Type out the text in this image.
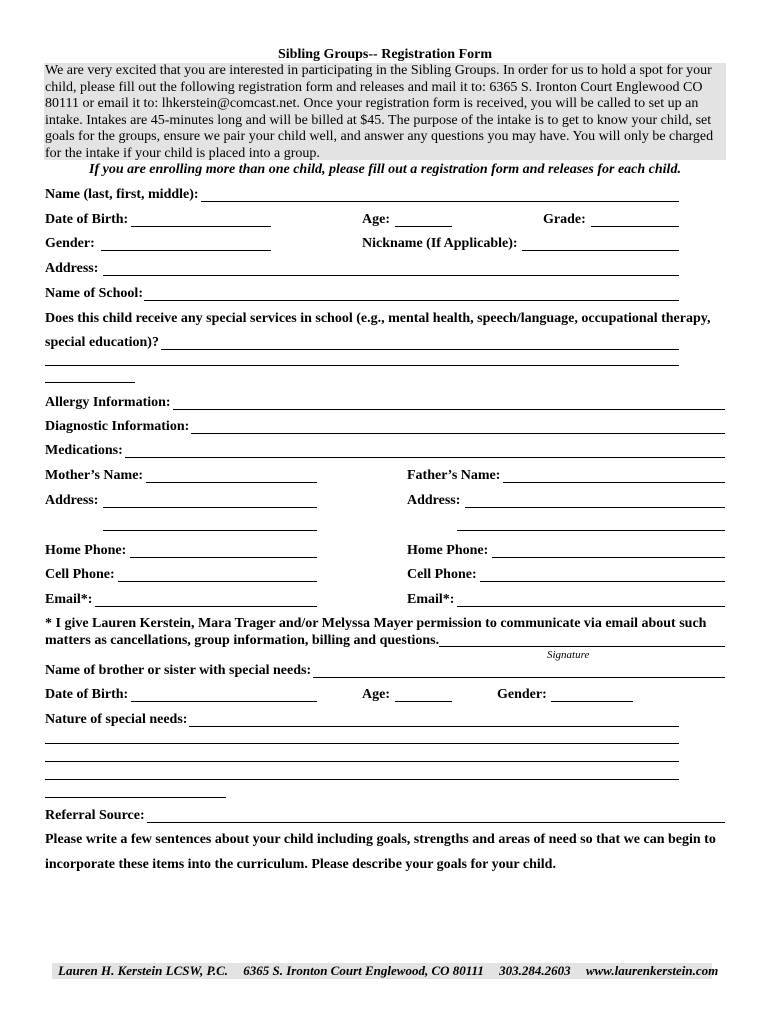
Sibling Groups-- Registration Form

We are very excited that you are interested in participating in the Sibling Groups. In order for us to hold a spot for your child, please fill out the following registration form and releases and mail it to: 6365 S. Ironton Court Englewood CO 80111 or email it to: lhkerstein@comcast.net. Once your registration form is received, you will be called to set up an intake. Intakes are 45-minutes long and will be billed at $45. The purpose of the intake is to get to know your child, set goals for the groups, ensure we pair your child well, and answer any questions you may have. You will only be charged for the intake if your child is placed into a group.

If you are enrolling more than one child, please fill out a registration form and releases for each child.
Name (last, first, middle):
Date of Birth:	Age:	Grade:
Gender:	Nickname (If Applicable):
Address:
Name of School:
Does this child receive any special services in school (e.g., mental health, speech/language, occupational therapy,
special education)?
Allergy Information:
Diagnostic Information:
Medications:
Mother’s Name:	Father’s Name:
Address:	Address:
Home Phone:	Home Phone:
Cell Phone:	Cell Phone:
Email*:	Email*:
* I give Lauren Kerstein, Mara Trager and/or Melyssa Mayer permission to communicate via email about such
matters as cancellations, group information, billing and questions.
Signature
Name of brother or sister with special needs:
Date of Birth:	Age:	Gender:
Nature of special needs:
Referral Source:
Please write a few sentences about your child including goals, strengths and areas of need so that we can begin to
incorporate these items into the curriculum. Please describe your goals for your child.
Lauren H. Kerstein LCSW, P.C. 6365 S. Ironton Court Englewood, CO 80111 303.284.2603 www.laurenkerstein.com
